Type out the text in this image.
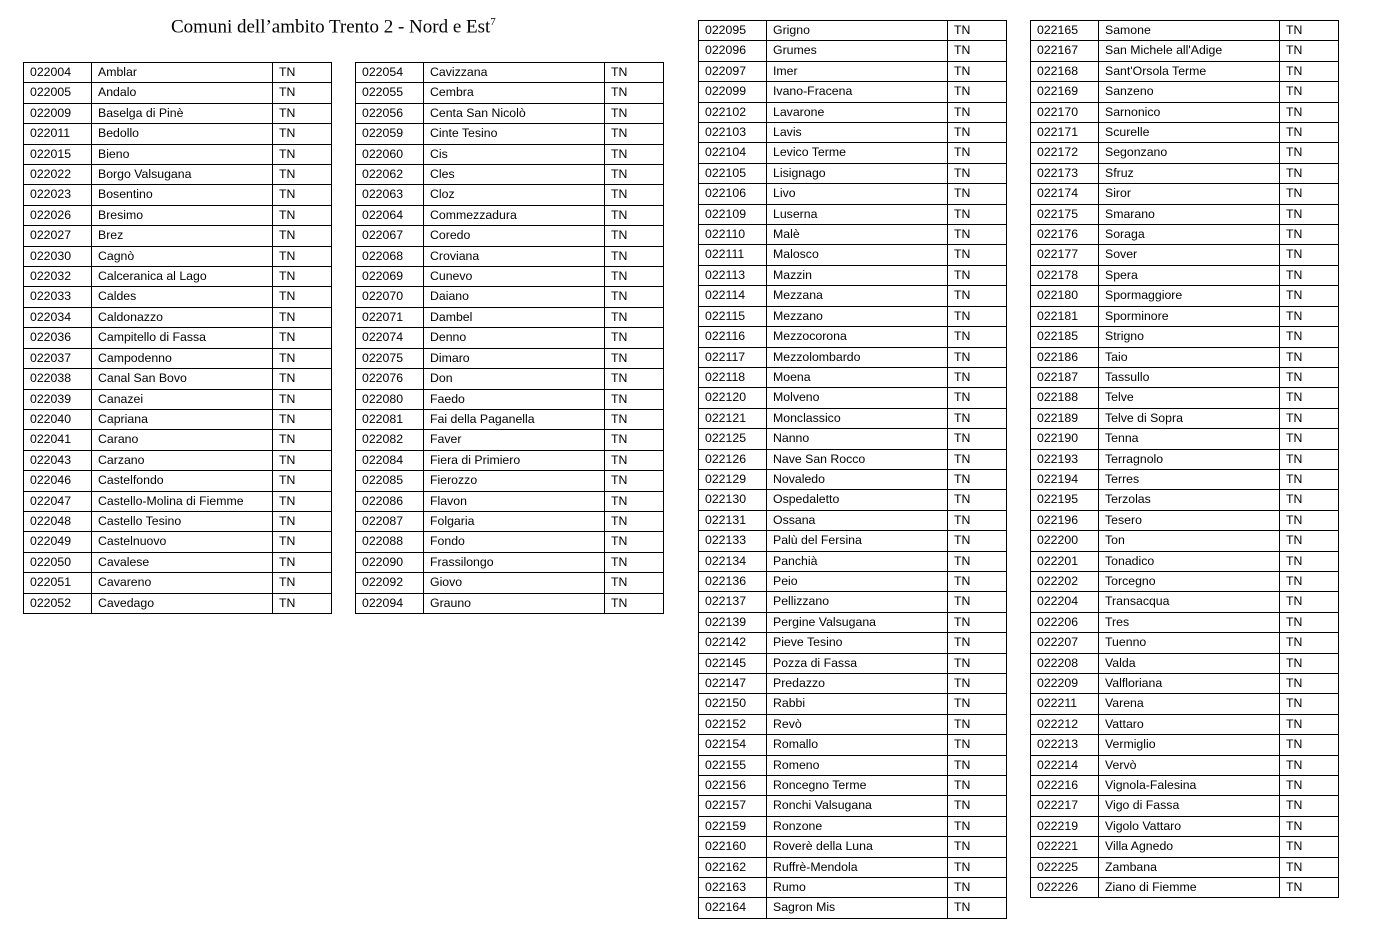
Comuni dell’ambito Trento 2 - Nord e Est$^7$
022004	Amblar	TN
022005	Andalo	TN
022009	Baselga di Pinè	TN
022011	Bedollo	TN
022015	Bieno	TN
022022	Borgo Valsugana	TN
022023	Bosentino	TN
022026	Bresimo	TN
022027	Brez	TN
022030	Cagnò	TN
022032	Calceranica al Lago	TN
022033	Caldes	TN
022034	Caldonazzo	TN
022036	Campitello di Fassa	TN
022037	Campodenno	TN
022038	Canal San Bovo	TN
022039	Canazei	TN
022040	Capriana	TN
022041	Carano	TN
022043	Carzano	TN
022046	Castelfondo	TN
022047	Castello-Molina di Fiemme	TN
022048	Castello Tesino	TN
022049	Castelnuovo	TN
022050	Cavalese	TN
022051	Cavareno	TN
022052	Cavedago	TN
022054	Cavizzana	TN
022055	Cembra	TN
022056	Centa San Nicolò	TN
022059	Cinte Tesino	TN
022060	Cis	TN
022062	Cles	TN
022063	Cloz	TN
022064	Commezzadura	TN
022067	Coredo	TN
022068	Croviana	TN
022069	Cunevo	TN
022070	Daiano	TN
022071	Dambel	TN
022074	Denno	TN
022075	Dimaro	TN
022076	Don	TN
022080	Faedo	TN
022081	Fai della Paganella	TN
022082	Faver	TN
022084	Fiera di Primiero	TN
022085	Fierozzo	TN
022086	Flavon	TN
022087	Folgaria	TN
022088	Fondo	TN
022090	Frassilongo	TN
022092	Giovo	TN
022094	Grauno	TN
022095	Grigno	TN
022096	Grumes	TN
022097	Imer	TN
022099	Ivano-Fracena	TN
022102	Lavarone	TN
022103	Lavis	TN
022104	Levico Terme	TN
022105	Lisignago	TN
022106	Livo	TN
022109	Luserna	TN
022110	Malè	TN
022111	Malosco	TN
022113	Mazzin	TN
022114	Mezzana	TN
022115	Mezzano	TN
022116	Mezzocorona	TN
022117	Mezzolombardo	TN
022118	Moena	TN
022120	Molveno	TN
022121	Monclassico	TN
022125	Nanno	TN
022126	Nave San Rocco	TN
022129	Novaledo	TN
022130	Ospedaletto	TN
022131	Ossana	TN
022133	Palù del Fersina	TN
022134	Panchià	TN
022136	Peio	TN
022137	Pellizzano	TN
022139	Pergine Valsugana	TN
022142	Pieve Tesino	TN
022145	Pozza di Fassa	TN
022147	Predazzo	TN
022150	Rabbi	TN
022152	Revò	TN
022154	Romallo	TN
022155	Romeno	TN
022156	Roncegno Terme	TN
022157	Ronchi Valsugana	TN
022159	Ronzone	TN
022160	Roverè della Luna	TN
022162	Ruffrè-Mendola	TN
022163	Rumo	TN
022164	Sagron Mis	TN
022165	Samone	TN
022167	San Michele all'Adige	TN
022168	Sant'Orsola Terme	TN
022169	Sanzeno	TN
022170	Sarnonico	TN
022171	Scurelle	TN
022172	Segonzano	TN
022173	Sfruz	TN
022174	Siror	TN
022175	Smarano	TN
022176	Soraga	TN
022177	Sover	TN
022178	Spera	TN
022180	Spormaggiore	TN
022181	Sporminore	TN
022185	Strigno	TN
022186	Taio	TN
022187	Tassullo	TN
022188	Telve	TN
022189	Telve di Sopra	TN
022190	Tenna	TN
022193	Terragnolo	TN
022194	Terres	TN
022195	Terzolas	TN
022196	Tesero	TN
022200	Ton	TN
022201	Tonadico	TN
022202	Torcegno	TN
022204	Transacqua	TN
022206	Tres	TN
022207	Tuenno	TN
022208	Valda	TN
022209	Valfloriana	TN
022211	Varena	TN
022212	Vattaro	TN
022213	Vermiglio	TN
022214	Vervò	TN
022216	Vignola-Falesina	TN
022217	Vigo di Fassa	TN
022219	Vigolo Vattaro	TN
022221	Villa Agnedo	TN
022225	Zambana	TN
022226	Ziano di Fiemme	TN
